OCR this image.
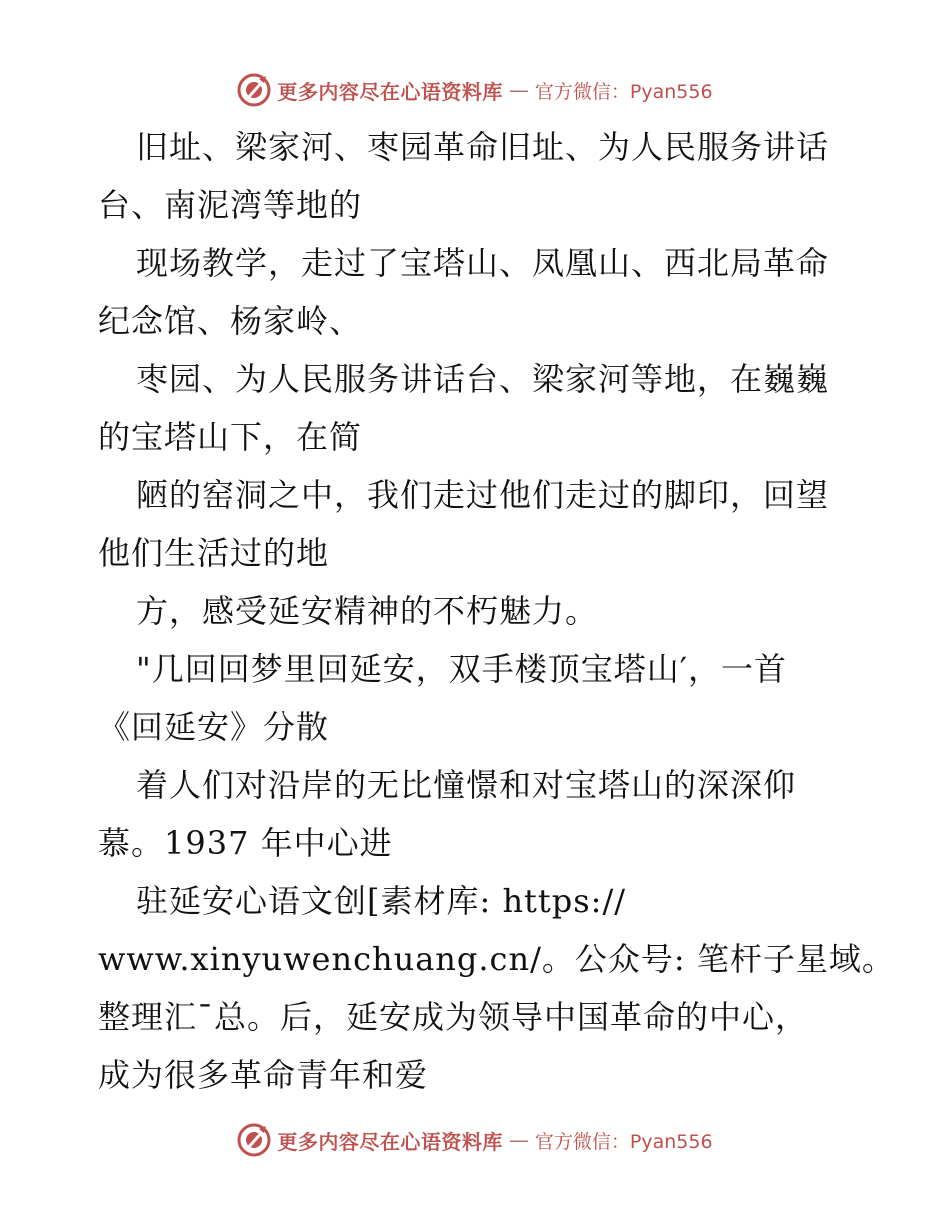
更多内容尽在心语资料库 — 官方微信：Pyan556
旧址、梁家河、枣园革命旧址、为人民服务讲话
台、南泥湾等地的
现场教学，走过了宝塔山、凤凰山、西北局革命
纪念馆、杨家岭、
枣园、为人民服务讲话台、梁家河等地，在巍巍
的宝塔山下，在简
陋的窑洞之中，我们走过他们走过的脚印，回望
他们生活过的地
方，感受延安精神的不朽魅力。
"几回回梦里回延安，双手楼顶宝塔山′，一首
《回延安》分散
着人们对沿岸的无比憧憬和对宝塔山的深深仰
慕。1937 年中心进
驻延安心语文创[素材库: https://
www.xinyuwenchuang.cn/。公众号: 笔杆子星域。
整理汇¯总。后，延安成为领导中国革命的中心，
成为很多革命青年和爱
更多内容尽在心语资料库 — 官方微信：Pyan556
